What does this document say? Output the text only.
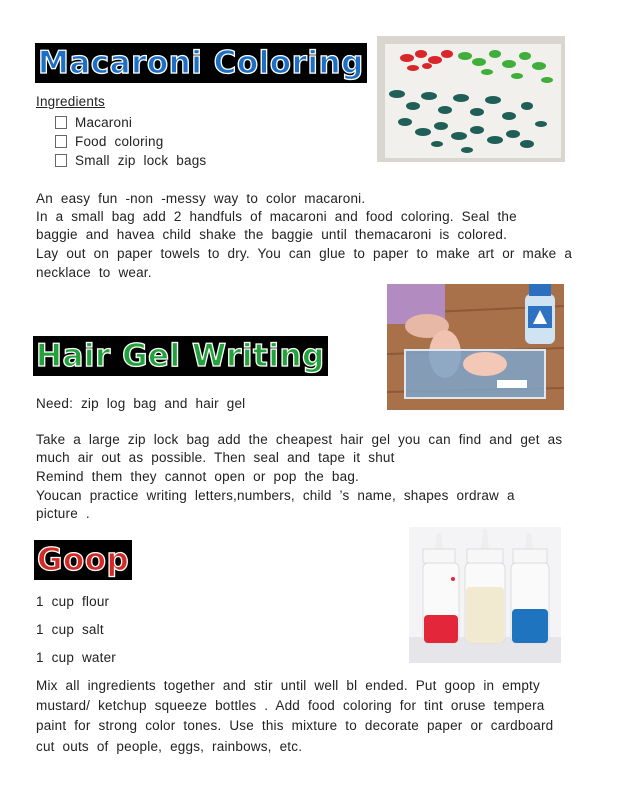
Macaroni Coloring
Ingredients
Macaroni
Food coloring
Small zip lock bags
An easy fun -non -messy way to color macaroni.
In a small bag add 2 handfuls of macaroni and food coloring. Seal the
baggie and havea child shake the baggie until themacaroni is colored.
Lay out on paper towels to dry. You can glue to paper to make art or make a
necklace to wear.
Hair Gel Writing
Need: zip log bag and hair gel
Take a large zip lock bag add the cheapest hair gel you can find and get as
much air out as possible. Then seal and tape it shut
Remind them they cannot open or pop the bag.
Youcan practice writing letters,numbers, child ’s name, shapes ordraw a
picture .
Goop
1 cup flour
1 cup salt
1 cup water
Mix all ingredients together and stir until well bl ended. Put goop in empty
mustard/ ketchup squeeze bottles . Add food coloring for tint oruse tempera
paint for strong color tones. Use this mixture to decorate paper or cardboard
cut outs of people, eggs, rainbows, etc.
